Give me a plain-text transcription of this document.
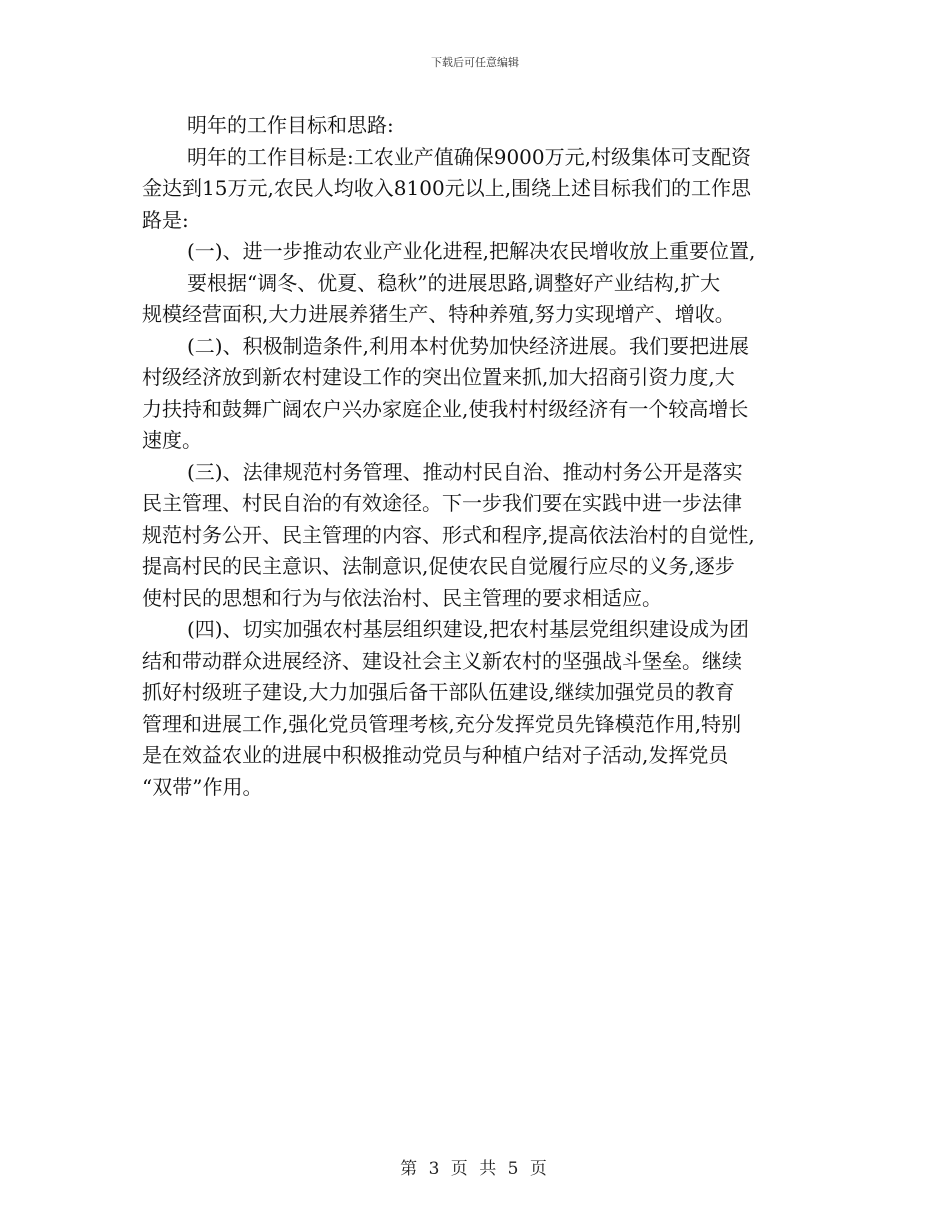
下载后可任意编辑
明年的工作目标和思路:
明年的工作目标是:工农业产值确保9000万元,村级集体可支配资
金达到15万元,农民人均收入8100元以上,围绕上述目标我们的工作思
路是:
(一)、进一步推动农业产业化进程,把解决农民增收放上重要位置,
要根据“调冬、优夏、稳秋”的进展思路,调整好产业结构,扩大
规模经营面积,大力进展养猪生产、特种养殖,努力实现增产、增收。
(二)、积极制造条件,利用本村优势加快经济进展。我们要把进展
村级经济放到新农村建设工作的突出位置来抓,加大招商引资力度,大
力扶持和鼓舞广阔农户兴办家庭企业,使我村村级经济有一个较高增长
速度。
(三)、法律规范村务管理、推动村民自治、推动村务公开是落实
民主管理、村民自治的有效途径。下一步我们要在实践中进一步法律
规范村务公开、民主管理的内容、形式和程序,提高依法治村的自觉性,
提高村民的民主意识、法制意识,促使农民自觉履行应尽的义务,逐步
使村民的思想和行为与依法治村、民主管理的要求相适应。
(四)、切实加强农村基层组织建设,把农村基层党组织建设成为团
结和带动群众进展经济、建设社会主义新农村的坚强战斗堡垒。继续
抓好村级班子建设,大力加强后备干部队伍建设,继续加强党员的教育
管理和进展工作,强化党员管理考核,充分发挥党员先锋模范作用,特别
是在效益农业的进展中积极推动党员与种植户结对子活动,发挥党员
“双带”作用。
第 3 页 共 5 页
